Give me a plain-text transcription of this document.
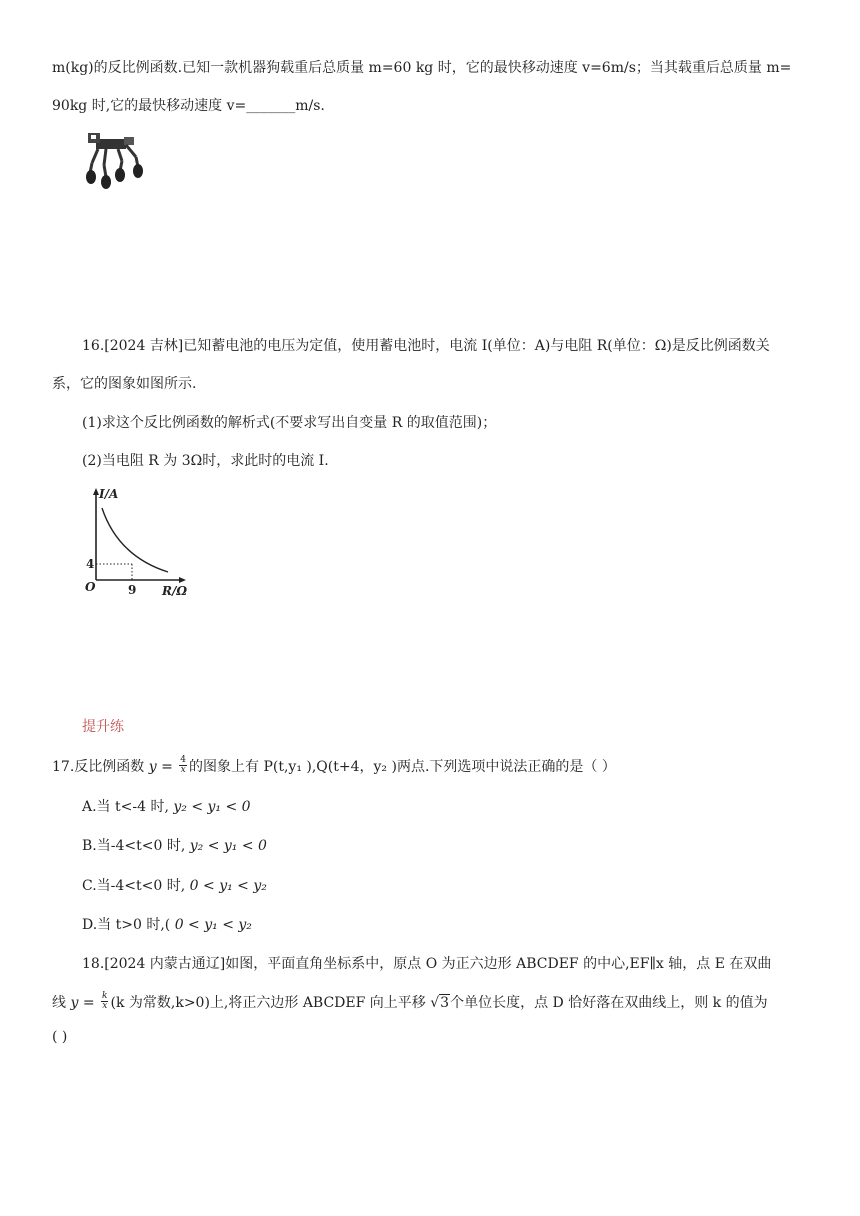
m(kg)的反比例函数.已知一款机器狗载重后总质量 m=60 kg 时，它的最快移动速度 v=6m/s；当其载重后总质量 m=
90kg 时,它的最快移动速度 v=_______m/s.
16.[2024 吉林]已知蓄电池的电压为定值，使用蓄电池时，电流 I(单位：A)与电阻 R(单位：Ω)是反比例函数关
系，它的图象如图所示.
(1)求这个反比例函数的解析式(不要求写出自变量 R 的取值范围)；
(2)当电阻 R 为 3Ω时，求此时的电流 I.
I/A
R/Ω
O
4
9
提升练
17.反比例函数 $y = \frac{4}{x}$ 的图象上有 P(t,y₁ ),Q(t+4，y₂ )两点.下列选项中说法正确的是（ ）
A.当 t<-4 时, y₂ < y₁ < 0
B.当-4<t<0 时, y₂ < y₁ < 0
C.当-4<t<0 时, 0 < y₁ < y₂
D.当 t>0 时,( 0 < y₁ < y₂
18.[2024 内蒙古通辽]如图，平面直角坐标系中，原点 O 为正六边形 ABCDEF 的中心,EF∥x 轴，点 E 在双曲
线 $y = \frac{k}{x} (k$ 为常数,k>0)上,将正六边形 ABCDEF 向上平移 √3个单位长度，点 D 恰好落在双曲线上，则 k 的值为
( )
